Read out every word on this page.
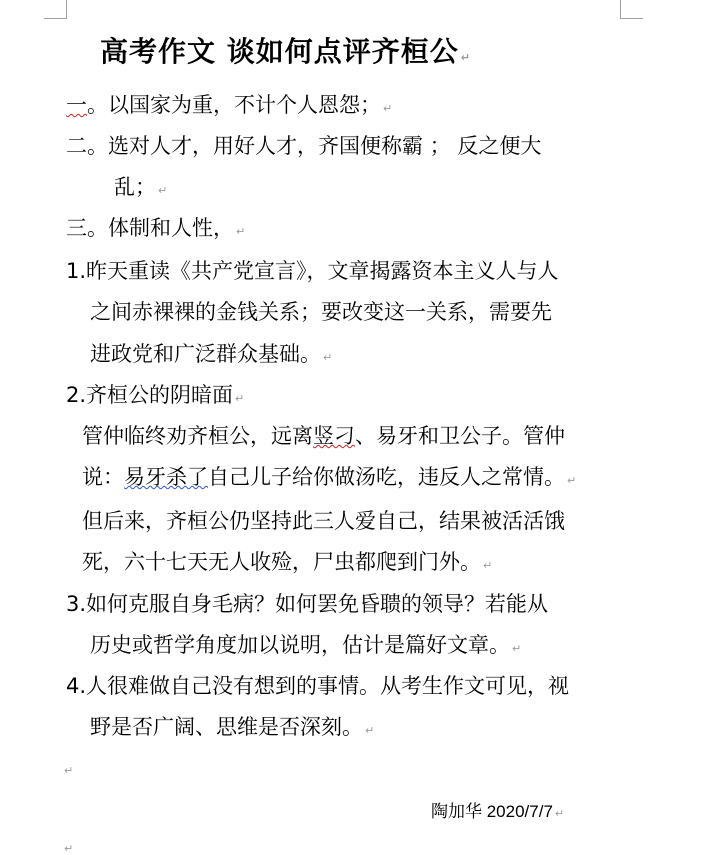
高考作文 谈如何点评齐桓公 ↵
一。以国家为重，不计个人恩怨； ↵
二。选对人才，用好人才，齐国便称霸 ； 反之便大
乱； ↵
三。体制和人性， ↵
1.昨天重读《共产党宣言》，文章揭露资本主义人与人
之间赤裸裸的金钱关系；要改变这一关系，需要先
进政党和广泛群众基础。 ↵
2.齐桓公的阴暗面 ↵
管仲临终劝齐桓公，远离竖刁、易牙和卫公子。管仲
说：易牙杀了自己儿子给你做汤吃，违反人之常情。 ↵
但后来，齐桓公仍坚持此三人爱自己，结果被活活饿
死，六十七天无人收殓，尸虫都爬到门外。 ↵
3.如何克服自身毛病？如何罢免昏聩的领导？若能从
历史或哲学角度加以说明，估计是篇好文章。 ↵
4.人很难做自己没有想到的事情。从考生作文可见，视
野是否广阔、思维是否深刻。 ↵
↵
陶加华 2020/7/7 ↵
↵
